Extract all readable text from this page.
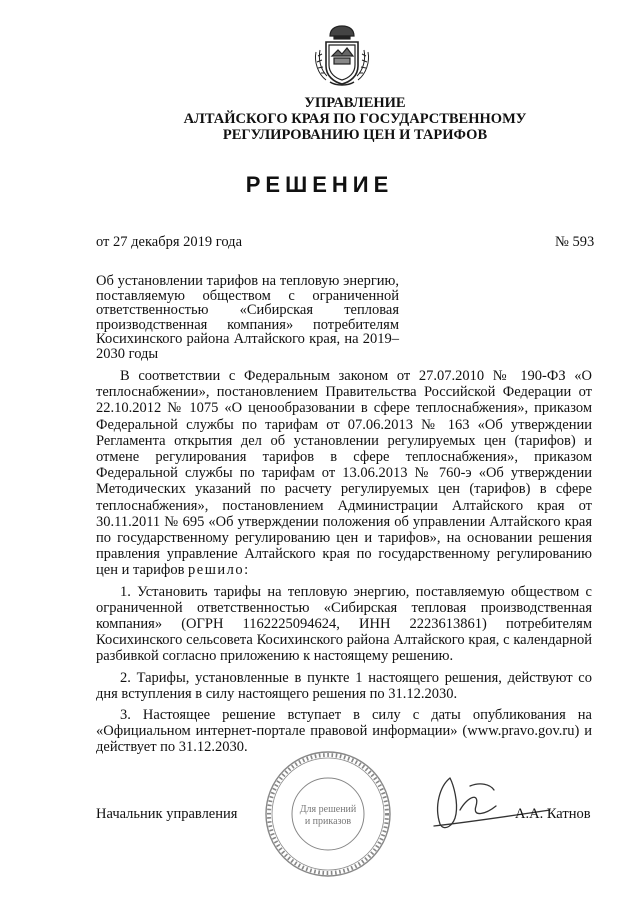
УПРАВЛЕНИЕ
АЛТАЙСКОГО КРАЯ ПО ГОСУДАРСТВЕННОМУ
РЕГУЛИРОВАНИЮ ЦЕН И ТАРИФОВ
РЕШЕНИЕ
от 27 декабря 2019 года	№ 593
Об установлении тарифов на тепловую энергию, поставляемую обществом с ограниченной ответственностью «Сибирская тепловая производственная компания» потребителям Косихинского района Алтайского края, на 2019–2030 годы

В соответствии с Федеральным законом от 27.07.2010 № 190-ФЗ «О теплоснабжении», постановлением Правительства Российской Федерации от 22.10.2012 № 1075 «О ценообразовании в сфере теплоснабжения», приказом Федеральной службы по тарифам от 07.06.2013 № 163 «Об утверждении Регламента открытия дел об установлении регулируемых цен (тарифов) и отмене регулирования тарифов в сфере теплоснабжения», приказом Федеральной службы по тарифам от 13.06.2013 № 760-э «Об утверждении Методических указаний по расчету регулируемых цен (тарифов) в сфере теплоснабжения», постановлением Администрации Алтайского края от 30.11.2011 № 695 «Об утверждении положения об управлении Алтайского края по государственному регулированию цен и тарифов», на основании решения правления управление Алтайского края по государственному регулированию цен и тарифов решило:

1. Установить тарифы на тепловую энергию, поставляемую обществом с ограниченной ответственностью «Сибирская тепловая производственная компания» (ОГРН 1162225094624, ИНН 2223613861) потребителям Косихинского сельсовета Косихинского района Алтайского края, с календарной разбивкой согласно приложению к настоящему решению.

2. Тарифы, установленные в пункте 1 настоящего решения, действуют со дня вступления в силу настоящего решения по 31.12.2030.

3. Настоящее решение вступает в силу с даты опубликования на «Официальном интернет-портале правовой информации» (www.pravo.gov.ru) и действует по 31.12.2030.

Для решений
и приказов
Начальник управления	А.А. Катнов
